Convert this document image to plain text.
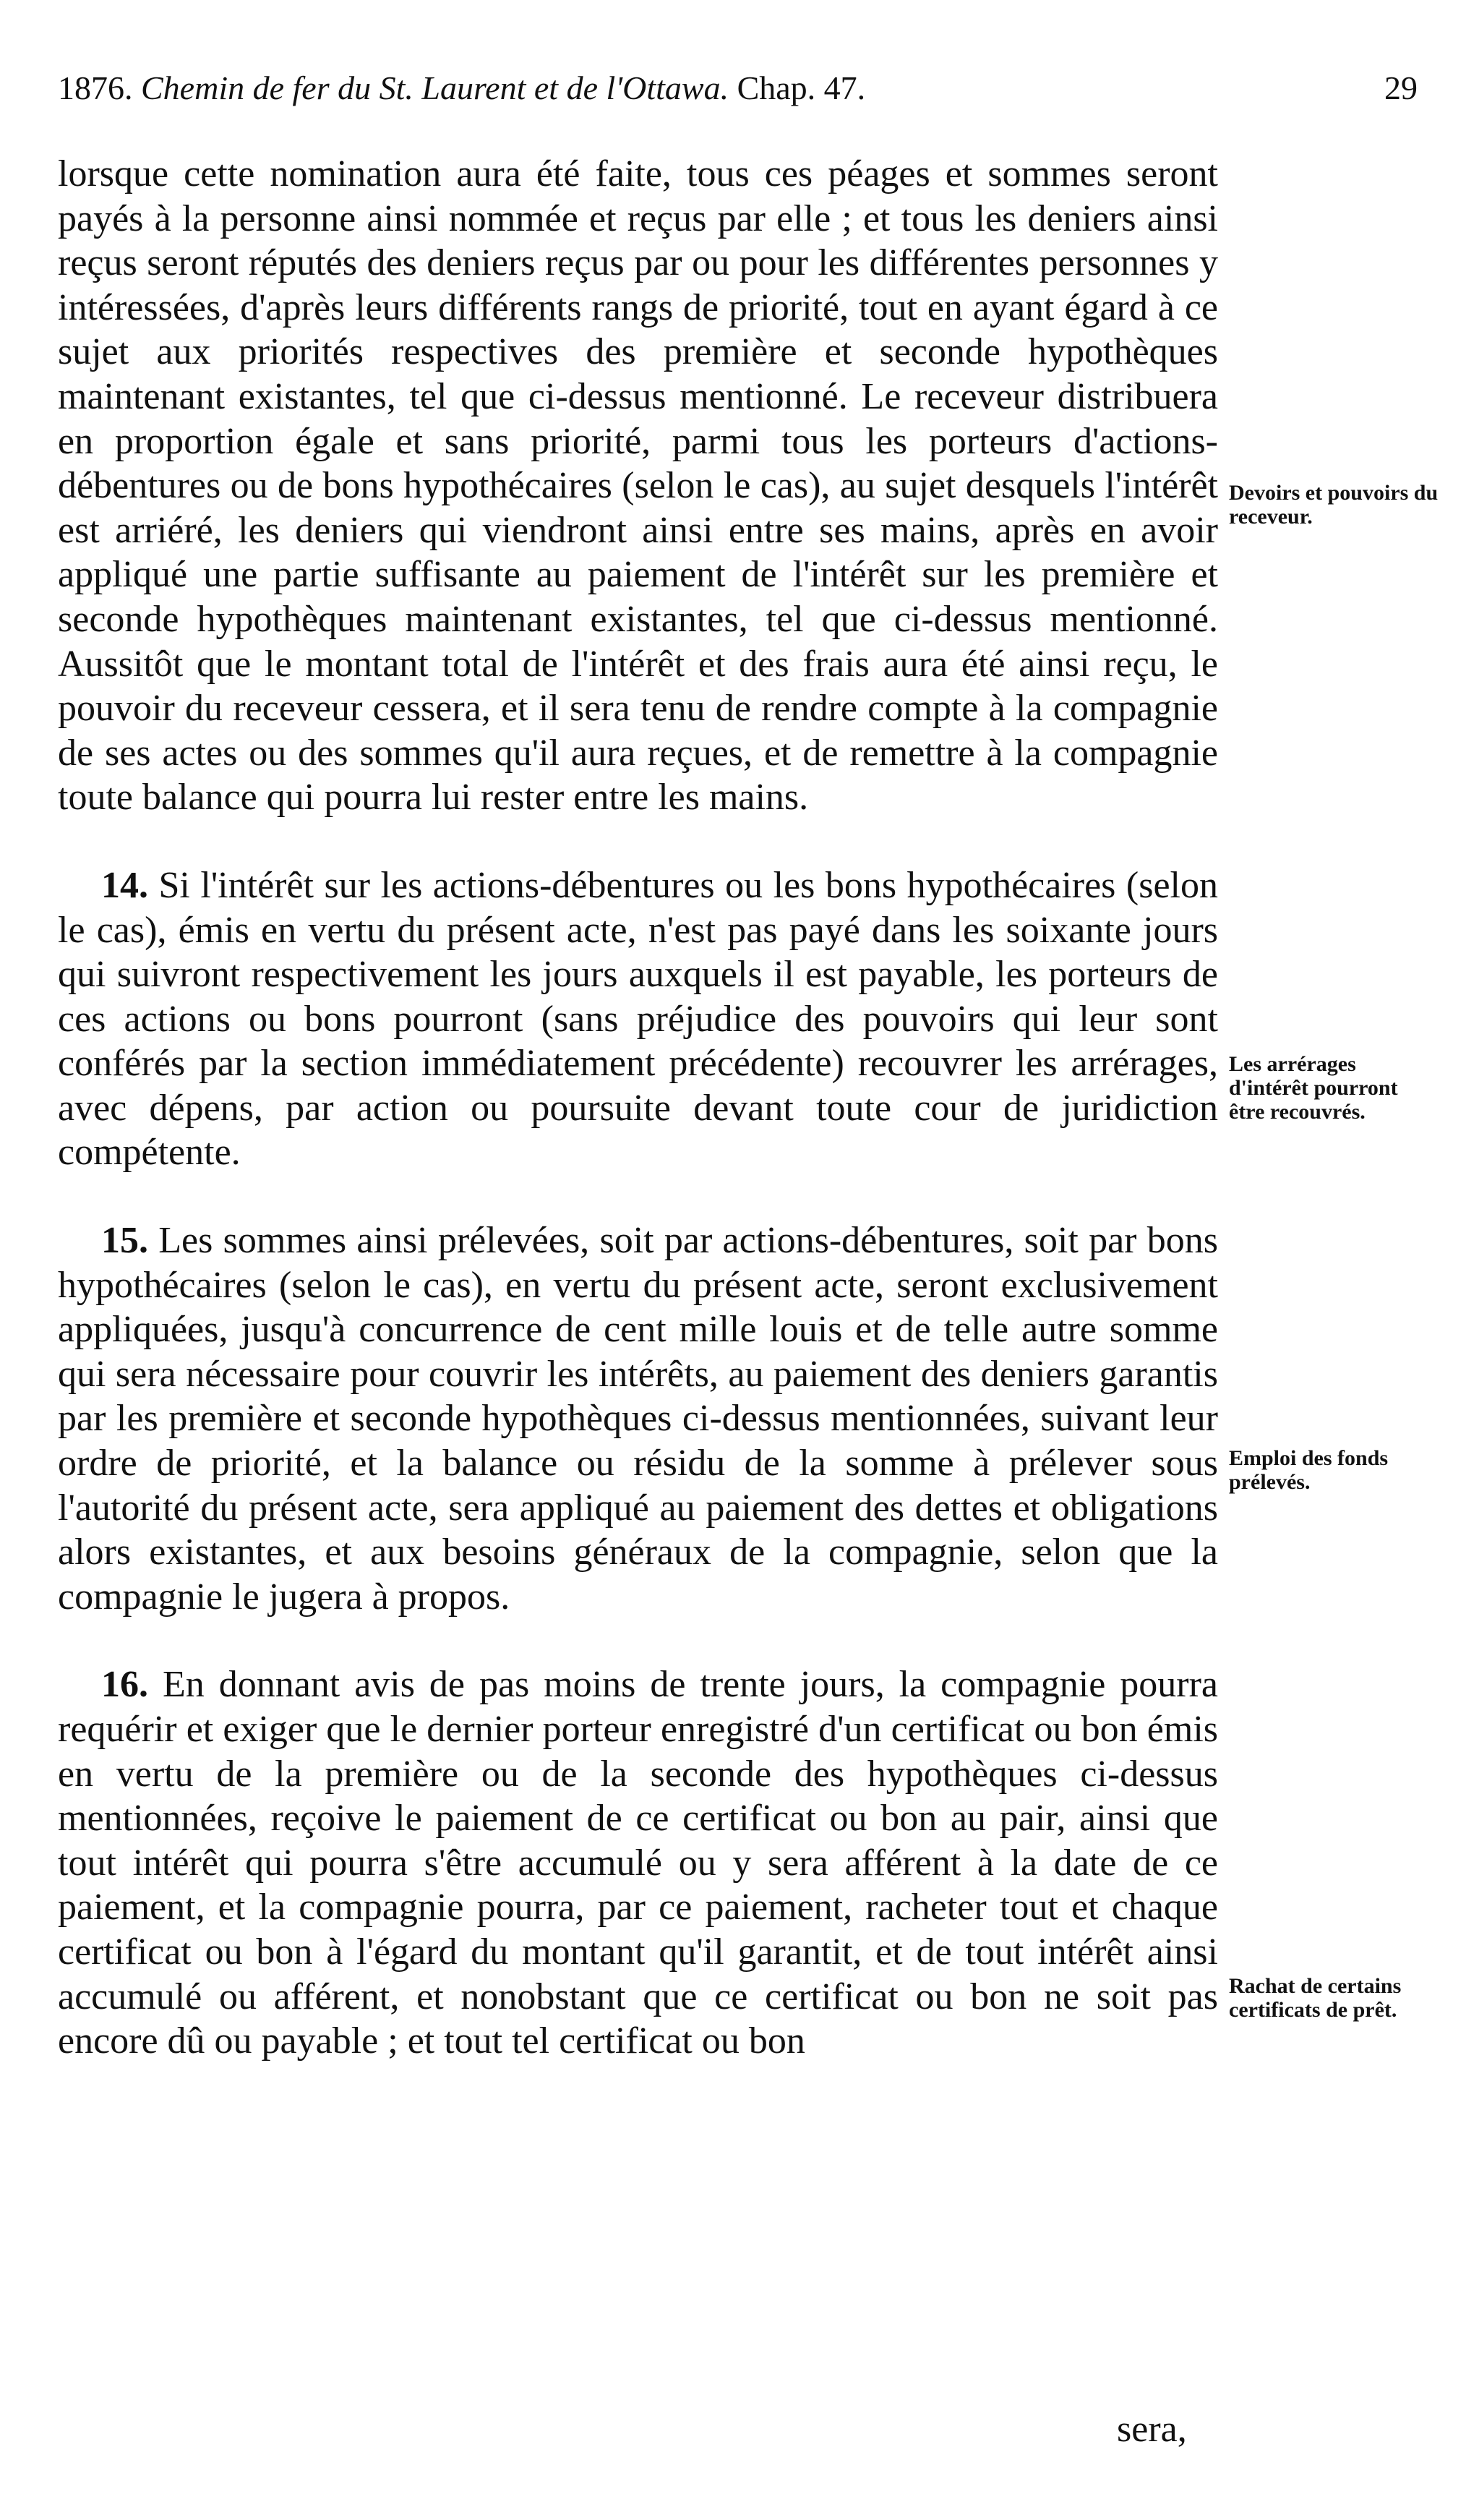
1876. Chemin de fer du St. Laurent et de l'Ottawa. Chap. 47.	29

lorsque cette nomination aura été faite, tous ces péages et sommes seront payés à la personne ainsi nommée et reçus par elle ; et tous les deniers ainsi reçus seront réputés des deniers reçus par ou pour les différentes personnes y intéressées, d'après leurs différents rangs de priorité, tout en ayant égard à ce sujet aux priorités respectives des première et seconde hypothèques maintenant existantes, tel que ci-dessus mentionné. Le receveur distribuera en proportion égale et sans priorité, parmi tous les porteurs d'actions-débentures ou de bons hypothécaires (selon le cas), au sujet desquels l'intérêt est arriéré, les deniers qui viendront ainsi entre ses mains, après en avoir appliqué une partie suffisante au paiement de l'intérêt sur les première et seconde hypothèques maintenant existantes, tel que ci-dessus mentionné. Aussitôt que le montant total de l'intérêt et des frais aura été ainsi reçu, le pouvoir du receveur cessera, et il sera tenu de rendre compte à la compagnie de ses actes ou des sommes qu'il aura reçues, et de remettre à la compagnie toute balance qui pourra lui rester entre les mains.

14. Si l'intérêt sur les actions-débentures ou les bons hypothécaires (selon le cas), émis en vertu du présent acte, n'est pas payé dans les soixante jours qui suivront respectivement les jours auxquels il est payable, les porteurs de ces actions ou bons pourront (sans préjudice des pouvoirs qui leur sont conférés par la section immédiatement précédente) recouvrer les arrérages, avec dépens, par action ou poursuite devant toute cour de juridiction compétente.

15. Les sommes ainsi prélevées, soit par actions-débentures, soit par bons hypothécaires (selon le cas), en vertu du présent acte, seront exclusivement appliquées, jusqu'à concurrence de cent mille louis et de telle autre somme qui sera nécessaire pour couvrir les intérêts, au paiement des deniers garantis par les première et seconde hypothèques ci-dessus mentionnées, suivant leur ordre de priorité, et la balance ou résidu de la somme à prélever sous l'autorité du présent acte, sera appliqué au paiement des dettes et obligations alors existantes, et aux besoins généraux de la compagnie, selon que la compagnie le jugera à propos.

16. En donnant avis de pas moins de trente jours, la compagnie pourra requérir et exiger que le dernier porteur enregistré d'un certificat ou bon émis en vertu de la première ou de la seconde des hypothèques ci-dessus mentionnées, reçoive le paiement de ce certificat ou bon au pair, ainsi que tout intérêt qui pourra s'être accumulé ou y sera afférent à la date de ce paiement, et la compagnie pourra, par ce paiement, racheter tout et chaque certificat ou bon à l'égard du montant qu'il garantit, et de tout intérêt ainsi accumulé ou afférent, et nonobstant que ce certificat ou bon ne soit pas encore dû ou payable ; et tout tel certificat ou bon

sera,
Devoirs et pouvoirs du receveur.
Les arrérages d'intérêt pourront être recouvrés.
Emploi des fonds prélevés.
Rachat de certains certificats de prêt.
